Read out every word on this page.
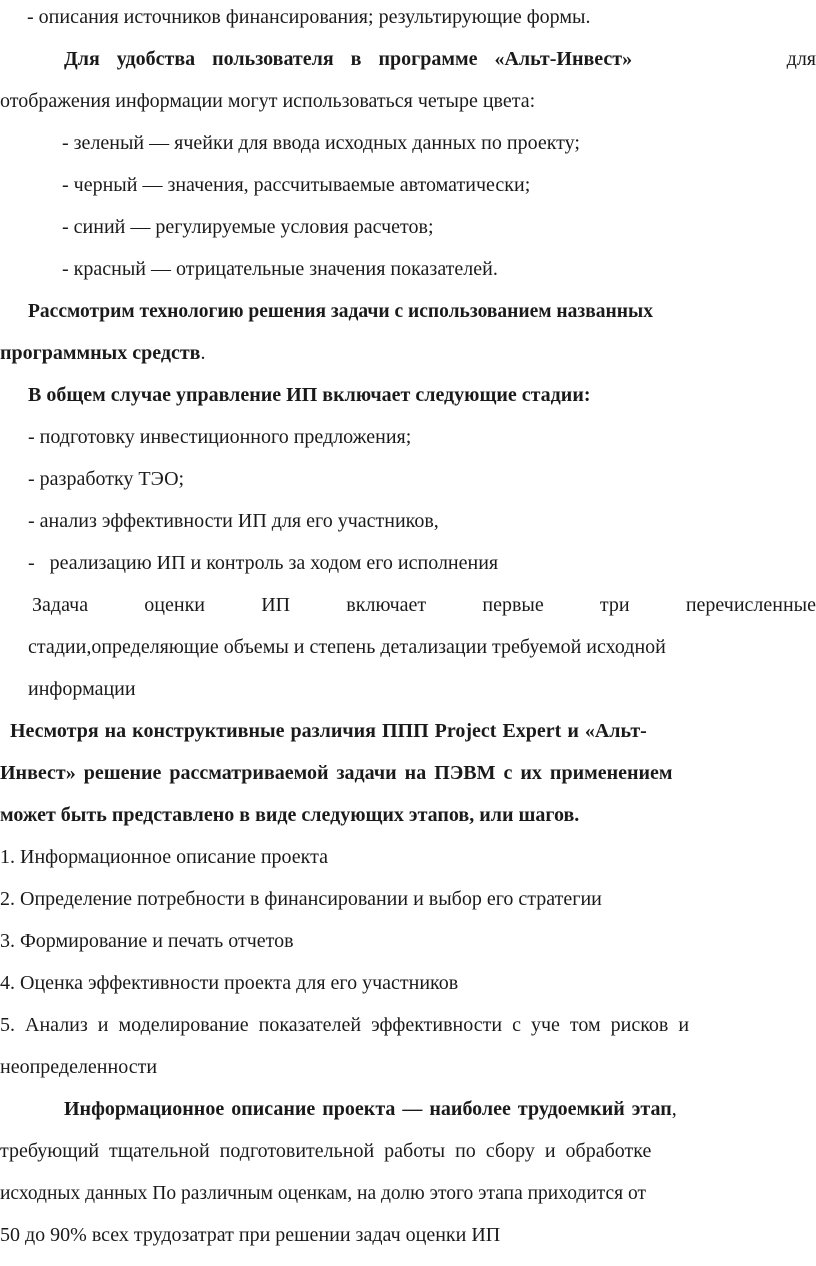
- описания источников финансирования; результирующие формы.
Для удобства пользователя в программе «Альт-Инвест»	для
отображения информации могут использоваться четыре цвета:
- зеленый — ячейки для ввода исходных данных по проекту;
- черный — значения, рассчитываемые автоматически;
- синий — регулируемые условия расчетов;
- красный — отрицательные значения показателей.
Рассмотрим технологию решения задачи с использованием названных
программных средств.
В общем случае управление ИП включает следующие стадии:
- подготовку инвестиционного предложения;
- разработку ТЭО;
- анализ эффективности ИП для его участников,
-   реализацию ИП и контроль за ходом его исполнения
Задача	оценки	ИП	включает	первые	три	перечисленные
стадии,определяющие объемы и степень детализации требуемой исходной
информации
Несмотря на конструктивные различия ППП Project Expert и «Альт-
Инвест» решение рассматриваемой задачи на ПЭВМ с их применением
может быть представлено в виде следующих этапов, или шагов.
1. Информационное описание проекта
2. Определение потребности в финансировании и выбор его стратегии
3. Формирование и печать отчетов
4. Оценка эффективности проекта для его участников
5. Анализ и моделирование показателей эффективности с уче том рисков и
неопределенности
Информационное описание проекта — наиболее трудоемкий этап,
требующий тщательной подготовительной работы по сбору и обработке
исходных данных По различным оценкам, на долю этого этапа приходится от
50 до 90% всех трудозатрат при решении задач оценки ИП
